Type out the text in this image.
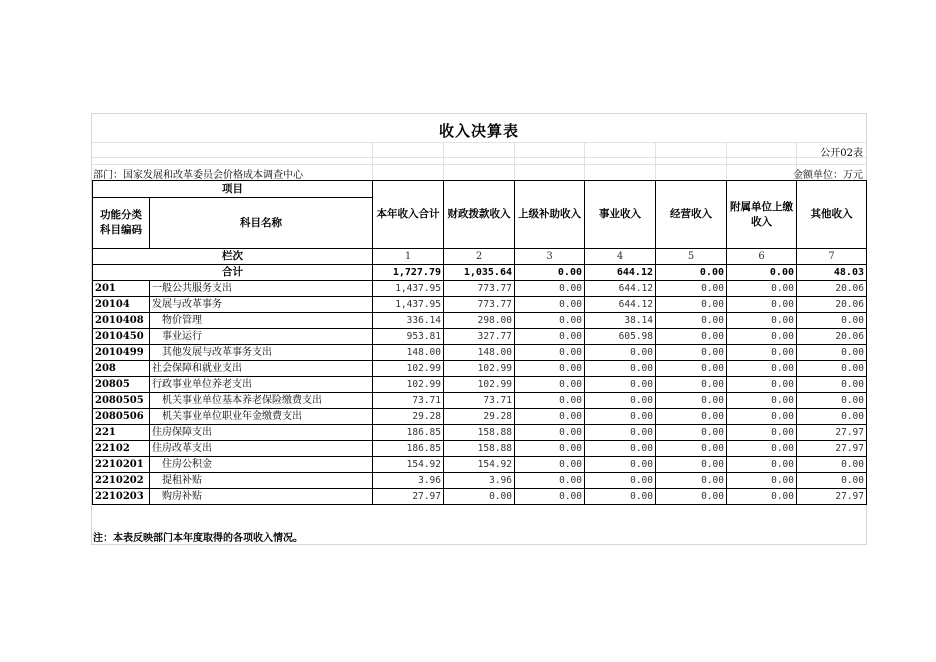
收入决算表
公开02表
部门：国家发展和改革委员会价格成本调查中心	金额单位：万元
项目		本年收入合计	财政拨款收入	上级补助收入	事业收入	经营收入	附属单位上缴收入	其他收入
功能分类科目编码	科目名称							
栏次		1	2	3	4	5	6	7
合计		1,727.79	1,035.64	0.00	644.12	0.00	0.00	48.03
201	一般公共服务支出	1,437.95	773.77	0.00	644.12	0.00	0.00	20.06
20104	发展与改革事务	1,437.95	773.77	0.00	644.12	0.00	0.00	20.06
2010408	物价管理	336.14	298.00	0.00	38.14	0.00	0.00	0.00
2010450	事业运行	953.81	327.77	0.00	605.98	0.00	0.00	20.06
2010499	其他发展与改革事务支出	148.00	148.00	0.00	0.00	0.00	0.00	0.00
208	社会保障和就业支出	102.99	102.99	0.00	0.00	0.00	0.00	0.00
20805	行政事业单位养老支出	102.99	102.99	0.00	0.00	0.00	0.00	0.00
2080505	机关事业单位基本养老保险缴费支出	73.71	73.71	0.00	0.00	0.00	0.00	0.00
2080506	机关事业单位职业年金缴费支出	29.28	29.28	0.00	0.00	0.00	0.00	0.00
221	住房保障支出	186.85	158.88	0.00	0.00	0.00	0.00	27.97
22102	住房改革支出	186.85	158.88	0.00	0.00	0.00	0.00	27.97
2210201	住房公积金	154.92	154.92	0.00	0.00	0.00	0.00	0.00
2210202	提租补贴	3.96	3.96	0.00	0.00	0.00	0.00	0.00
2210203	购房补贴	27.97	0.00	0.00	0.00	0.00	0.00	27.97
注：本表反映部门本年度取得的各项收入情况。
